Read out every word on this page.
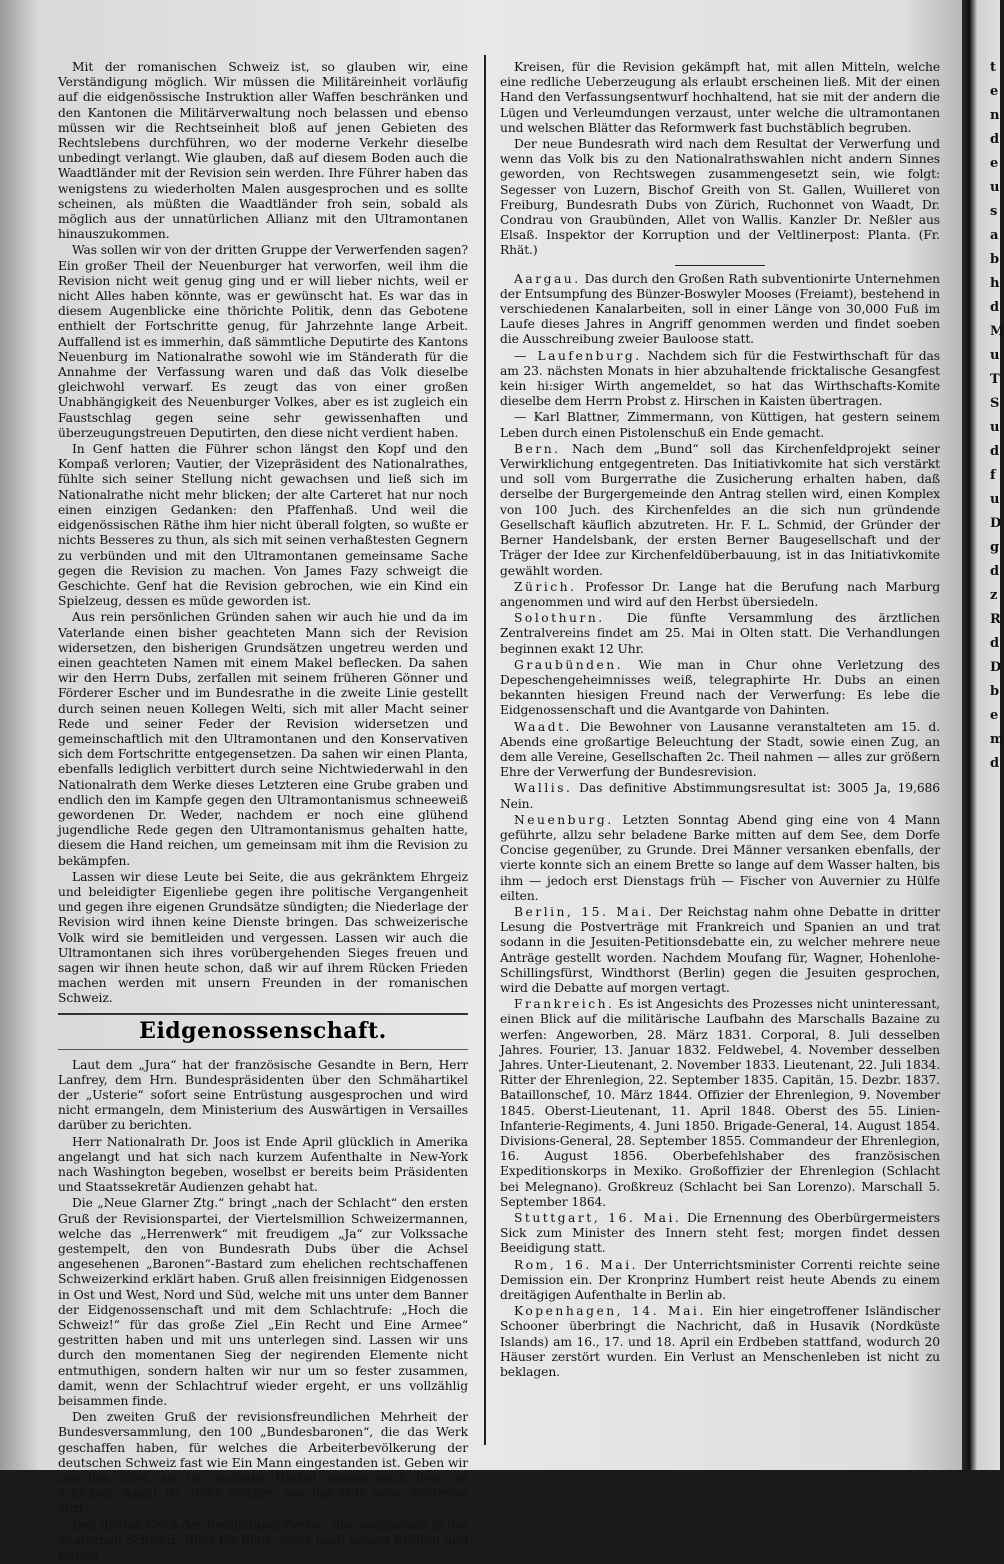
Mit der romanischen Schweiz ist, so glauben wir, eine Verständigung möglich. Wir müssen die Militäreinheit vorläufig auf die eidgenössische Instruktion aller Waffen beschränken und den Kantonen die Militärverwaltung noch belassen und ebenso müssen wir die Rechtseinheit bloß auf jenen Gebieten des Rechtslebens durchführen, wo der moderne Verkehr dieselbe unbedingt verlangt. Wie glauben, daß auf diesem Boden auch die Waadtländer mit der Revision sein werden. Ihre Führer haben das wenigstens zu wiederholten Malen ausgesprochen und es sollte scheinen, als müßten die Waadtländer froh sein, sobald als möglich aus der unnatürlichen Allianz mit den Ultramontanen hinauszukommen.

Was sollen wir von der dritten Gruppe der Verwerfenden sagen? Ein großer Theil der Neuenburger hat verworfen, weil ihm die Revision nicht weit genug ging und er will lieber nichts, weil er nicht Alles haben könnte, was er gewünscht hat. Es war das in diesem Augenblicke eine thörichte Politik, denn das Gebotene enthielt der Fortschritte genug, für Jahrzehnte lange Arbeit. Auffallend ist es immerhin, daß sämmtliche Deputirte des Kantons Neuenburg im Nationalrathe sowohl wie im Ständerath für die Annahme der Verfassung waren und daß das Volk dieselbe gleichwohl verwarf. Es zeugt das von einer großen Unabhängigkeit des Neuenburger Volkes, aber es ist zugleich ein Faustschlag gegen seine sehr gewissenhaften und überzeugungstreuen Deputirten, den diese nicht verdient haben.

In Genf hatten die Führer schon längst den Kopf und den Kompaß verloren; Vautier, der Vizepräsident des Nationalrathes, fühlte sich seiner Stellung nicht gewachsen und ließ sich im Nationalrathe nicht mehr blicken; der alte Carteret hat nur noch einen einzigen Gedanken: den Pfaffenhaß. Und weil die eidgenössischen Räthe ihm hier nicht überall folgten, so wußte er nichts Besseres zu thun, als sich mit seinen verhaßtesten Gegnern zu verbünden und mit den Ultramontanen gemeinsame Sache gegen die Revision zu machen. Von James Fazy schweigt die Geschichte. Genf hat die Revision gebrochen, wie ein Kind ein Spielzeug, dessen es müde geworden ist.

Aus rein persönlichen Gründen sahen wir auch hie und da im Vaterlande einen bisher geachteten Mann sich der Revision widersetzen, den bisherigen Grundsätzen ungetreu werden und einen geachteten Namen mit einem Makel beflecken. Da sahen wir den Herrn Dubs, zerfallen mit seinem früheren Gönner und Förderer Escher und im Bundesrathe in die zweite Linie gestellt durch seinen neuen Kollegen Welti, sich mit aller Macht seiner Rede und seiner Feder der Revision widersetzen und gemeinschaftlich mit den Ultramontanen und den Konservativen sich dem Fortschritte entgegensetzen. Da sahen wir einen Planta, ebenfalls lediglich verbittert durch seine Nichtwiederwahl in den Nationalrath dem Werke dieses Letzteren eine Grube graben und endlich den im Kampfe gegen den Ultramontanismus schneeweiß gewordenen Dr. Weder, nachdem er noch eine glühend jugendliche Rede gegen den Ultramontanismus gehalten hatte, diesem die Hand reichen, um gemeinsam mit ihm die Revision zu bekämpfen.

Lassen wir diese Leute bei Seite, die aus gekränktem Ehrgeiz und beleidigter Eigenliebe gegen ihre politische Vergangenheit und gegen ihre eigenen Grundsätze sündigten; die Niederlage der Revision wird ihnen keine Dienste bringen. Das schweizerische Volk wird sie bemitleiden und vergessen. Lassen wir auch die Ultramontanen sich ihres vorübergehenden Sieges freuen und sagen wir ihnen heute schon, daß wir auf ihrem Rücken Frieden machen werden mit unsern Freunden in der romanischen Schweiz.

Eidgenossenschaft.

Laut dem „Jura“ hat der französische Gesandte in Bern, Herr Lanfrey, dem Hrn. Bundespräsidenten über den Schmähartikel der „Usterie“ sofort seine Entrüstung ausgesprochen und wird nicht ermangeln, dem Ministerium des Auswärtigen in Versailles darüber zu berichten.

Herr Nationalrath Dr. Joos ist Ende April glücklich in Amerika angelangt und hat sich nach kurzem Aufenthalte in New-York nach Washington begeben, woselbst er bereits beim Präsidenten und Staatssekretär Audienzen gehabt hat.

Die „Neue Glarner Ztg.“ bringt „nach der Schlacht“ den ersten Gruß der Revisionspartei, der Viertelsmillion Schweizermannen, welche das „Herrenwerk“ mit freudigem „Ja“ zur Volkssache gestempelt, den von Bundesrath Dubs über die Achsel angesehenen „Baronen“-Bastard zum ehelichen rechtschaffenen Schweizerkind erklärt haben. Gruß allen freisinnigen Eidgenossen in Ost und West, Nord und Süd, welche mit uns unter dem Banner der Eidgenossenschaft und mit dem Schlachtrufe: „Hoch die Schweiz!“ für das große Ziel „Ein Recht und Eine Armee“ gestritten haben und mit uns unterlegen sind. Lassen wir uns durch den momentanen Sieg der negirenden Elemente nicht entmuthigen, sondern halten wir nur um so fester zusammen, damit, wenn der Schlachtruf wieder ergeht, er uns vollzählig beisammen finde.

Den zweiten Gruß der revisionsfreundlichen Mehrheit der Bundesversammlung, den 100 „Bundesbaronen“, die das Werk geschaffen haben, für welches die Arbeiterbevölkerung der deutschen Schweiz fast wie Ein Mann eingestanden ist. Geben wir uns das Wort, sie im nächsten Herbst wieder nach Bern zu schicken, damit Hr. Dubs erfahre, wie das Volk seine Vertreter ehrt.

Den dritten Gruß der freisinnigen Presse, die, wenigstens in der deutschen Schweiz, Blatt für Blatt, jedes nach seinen Kräften und seinen

Kreisen, für die Revision gekämpft hat, mit allen Mitteln, welche eine redliche Ueberzeugung als erlaubt erscheinen ließ. Mit der einen Hand den Verfassungsentwurf hochhaltend, hat sie mit der andern die Lügen und Verleumdungen verzaust, unter welche die ultramontanen und welschen Blätter das Reformwerk fast buchstäblich begruben.

Der neue Bundesrath wird nach dem Resultat der Verwerfung und wenn das Volk bis zu den Nationalrathswahlen nicht andern Sinnes geworden, von Rechtswegen zusammengesetzt sein, wie folgt: Segesser von Luzern, Bischof Greith von St. Gallen, Wuilleret von Freiburg, Bundesrath Dubs von Zürich, Ruchonnet von Waadt, Dr. Condrau von Graubünden, Allet von Wallis. Kanzler Dr. Neßler aus Elsaß. Inspektor der Korruption und der Veltlinerpost: Planta. (Fr. Rhät.)

Aargau. Das durch den Großen Rath subventionirte Unternehmen der Entsumpfung des Bünzer-Boswyler Mooses (Freiamt), bestehend in verschiedenen Kanalarbeiten, soll in einer Länge von 30,000 Fuß im Laufe dieses Jahres in Angriff genommen werden und findet soeben die Ausschreibung zweier Bauloose statt.

— Laufenburg. Nachdem sich für die Festwirthschaft für das am 23. nächsten Monats in hier abzuhaltende fricktalische Gesangfest kein hi:siger Wirth angemeldet, so hat das Wirthschafts-Komite dieselbe dem Herrn Probst z. Hirschen in Kaisten übertragen.

— Karl Blattner, Zimmermann, von Küttigen, hat gestern seinem Leben durch einen Pistolenschuß ein Ende gemacht.

Bern. Nach dem „Bund“ soll das Kirchenfeldprojekt seiner Verwirklichung entgegentreten. Das Initiativkomite hat sich verstärkt und soll vom Burgerrathe die Zusicherung erhalten haben, daß derselbe der Burgergemeinde den Antrag stellen wird, einen Komplex von 100 Juch. des Kirchenfeldes an die sich nun gründende Gesellschaft käuflich abzutreten. Hr. F. L. Schmid, der Gründer der Berner Handelsbank, der ersten Berner Baugesellschaft und der Träger der Idee zur Kirchenfeldüberbauung, ist in das Initiativkomite gewählt worden.

Zürich. Professor Dr. Lange hat die Berufung nach Marburg angenommen und wird auf den Herbst übersiedeln.

Solothurn. Die fünfte Versammlung des ärztlichen Zentralvereins findet am 25. Mai in Olten statt. Die Verhandlungen beginnen exakt 12 Uhr.

Graubünden. Wie man in Chur ohne Verletzung des Depeschengeheimnisses weiß, telegraphirte Hr. Dubs an einen bekannten hiesigen Freund nach der Verwerfung: Es lebe die Eidgenossenschaft und die Avantgarde von Dahinten.

Waadt. Die Bewohner von Lausanne veranstalteten am 15. d. Abends eine großartige Beleuchtung der Stadt, sowie einen Zug, an dem alle Vereine, Gesellschaften 2c. Theil nahmen — alles zur größern Ehre der Verwerfung der Bundesrevision.

Wallis. Das definitive Abstimmungsresultat ist: 3005 Ja, 19,686 Nein.

Neuenburg. Letzten Sonntag Abend ging eine von 4 Mann geführte, allzu sehr beladene Barke mitten auf dem See, dem Dorfe Concise gegenüber, zu Grunde. Drei Männer versanken ebenfalls, der vierte konnte sich an einem Brette so lange auf dem Wasser halten, bis ihm — jedoch erst Dienstags früh — Fischer von Auvernier zu Hülfe eilten.

Berlin, 15. Mai. Der Reichstag nahm ohne Debatte in dritter Lesung die Postverträge mit Frankreich und Spanien an und trat sodann in die Jesuiten-Petitionsdebatte ein, zu welcher mehrere neue Anträge gestellt worden. Nachdem Moufang für, Wagner, Hohenlohe-Schillingsfürst, Windthorst (Berlin) gegen die Jesuiten gesprochen, wird die Debatte auf morgen vertagt.

Frankreich. Es ist Angesichts des Prozesses nicht uninteressant, einen Blick auf die militärische Laufbahn des Marschalls Bazaine zu werfen: Angeworben, 28. März 1831. Corporal, 8. Juli desselben Jahres. Fourier, 13. Januar 1832. Feldwebel, 4. November desselben Jahres. Unter-Lieutenant, 2. November 1833. Lieutenant, 22. Juli 1834. Ritter der Ehrenlegion, 22. September 1835. Capitän, 15. Dezbr. 1837. Bataillonschef, 10. März 1844. Offizier der Ehrenlegion, 9. November 1845. Oberst-Lieutenant, 11. April 1848. Oberst des 55. Linien-Infanterie-Regiments, 4. Juni 1850. Brigade-General, 14. August 1854. Divisions-General, 28. September 1855. Commandeur der Ehrenlegion, 16. August 1856. Oberbefehlshaber des französischen Expeditionskorps in Mexiko. Großoffizier der Ehrenlegion (Schlacht bei Melegnano). Großkreuz (Schlacht bei San Lorenzo). Marschall 5. September 1864.

Stuttgart, 16. Mai. Die Ernennung des Oberbürgermeisters Sick zum Minister des Innern steht fest; morgen findet dessen Beeidigung statt.

Rom, 16. Mai. Der Unterrichtsminister Correnti reichte seine Demission ein. Der Kronprinz Humbert reist heute Abends zu einem dreitägigen Aufenthalte in Berlin ab.

Kopenhagen, 14. Mai. Ein hier eingetroffener Isländischer Schooner überbringt die Nachricht, daß in Husavik (Nordküste Islands) am 16., 17. und 18. April ein Erdbeben stattfand, wodurch 20 Häuser zerstört wurden. Ein Verlust an Menschenleben ist nicht zu beklagen.

t
e
n
d
e
u
s
a
b
h
d
M
u
T
S
u
d
f
u
D
g
d
z
R
d
D
b
e
m
d
